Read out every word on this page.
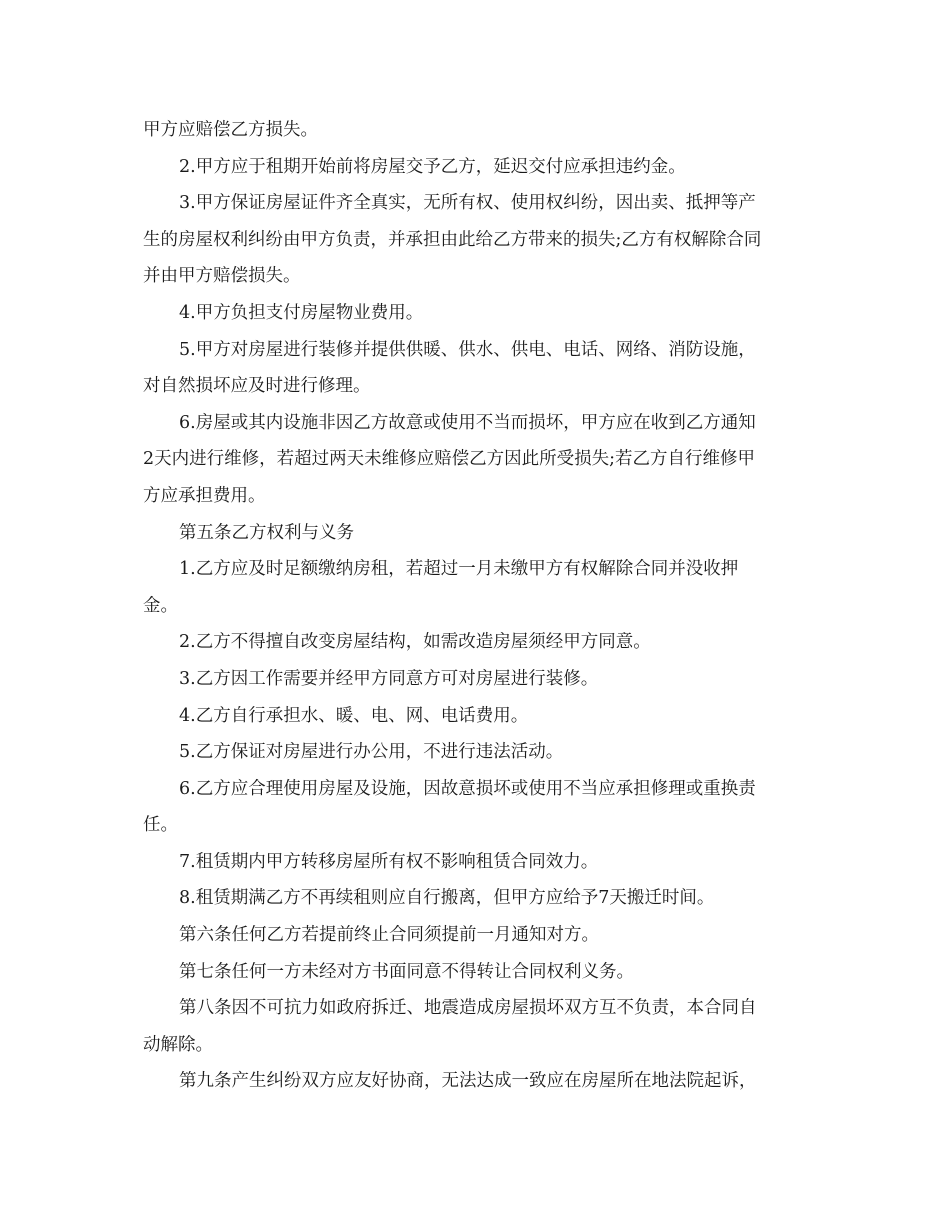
甲方应赔偿乙方损失。

2.甲方应于租期开始前将房屋交予乙方，延迟交付应承担违约金。

3.甲方保证房屋证件齐全真实，无所有权、使用权纠纷，因出卖、抵押等产

生的房屋权利纠纷由甲方负责，并承担由此给乙方带来的损失;乙方有权解除合同

并由甲方赔偿损失。

4.甲方负担支付房屋物业费用。

5.甲方对房屋进行装修并提供供暖、供水、供电、电话、网络、消防设施，

对自然损坏应及时进行修理。

6.房屋或其内设施非因乙方故意或使用不当而损坏，甲方应在收到乙方通知

2天内进行维修，若超过两天未维修应赔偿乙方因此所受损失;若乙方自行维修甲

方应承担费用。

第五条乙方权利与义务

1.乙方应及时足额缴纳房租，若超过一月未缴甲方有权解除合同并没收押

金。

2.乙方不得擅自改变房屋结构，如需改造房屋须经甲方同意。

3.乙方因工作需要并经甲方同意方可对房屋进行装修。

4.乙方自行承担水、暖、电、网、电话费用。

5.乙方保证对房屋进行办公用，不进行违法活动。

6.乙方应合理使用房屋及设施，因故意损坏或使用不当应承担修理或重换责

任。

7.租赁期内甲方转移房屋所有权不影响租赁合同效力。

8.租赁期满乙方不再续租则应自行搬离，但甲方应给予7天搬迁时间。

第六条任何乙方若提前终止合同须提前一月通知对方。

第七条任何一方未经对方书面同意不得转让合同权利义务。

第八条因不可抗力如政府拆迁、地震造成房屋损坏双方互不负责，本合同自

动解除。

第九条产生纠纷双方应友好协商，无法达成一致应在房屋所在地法院起诉，
